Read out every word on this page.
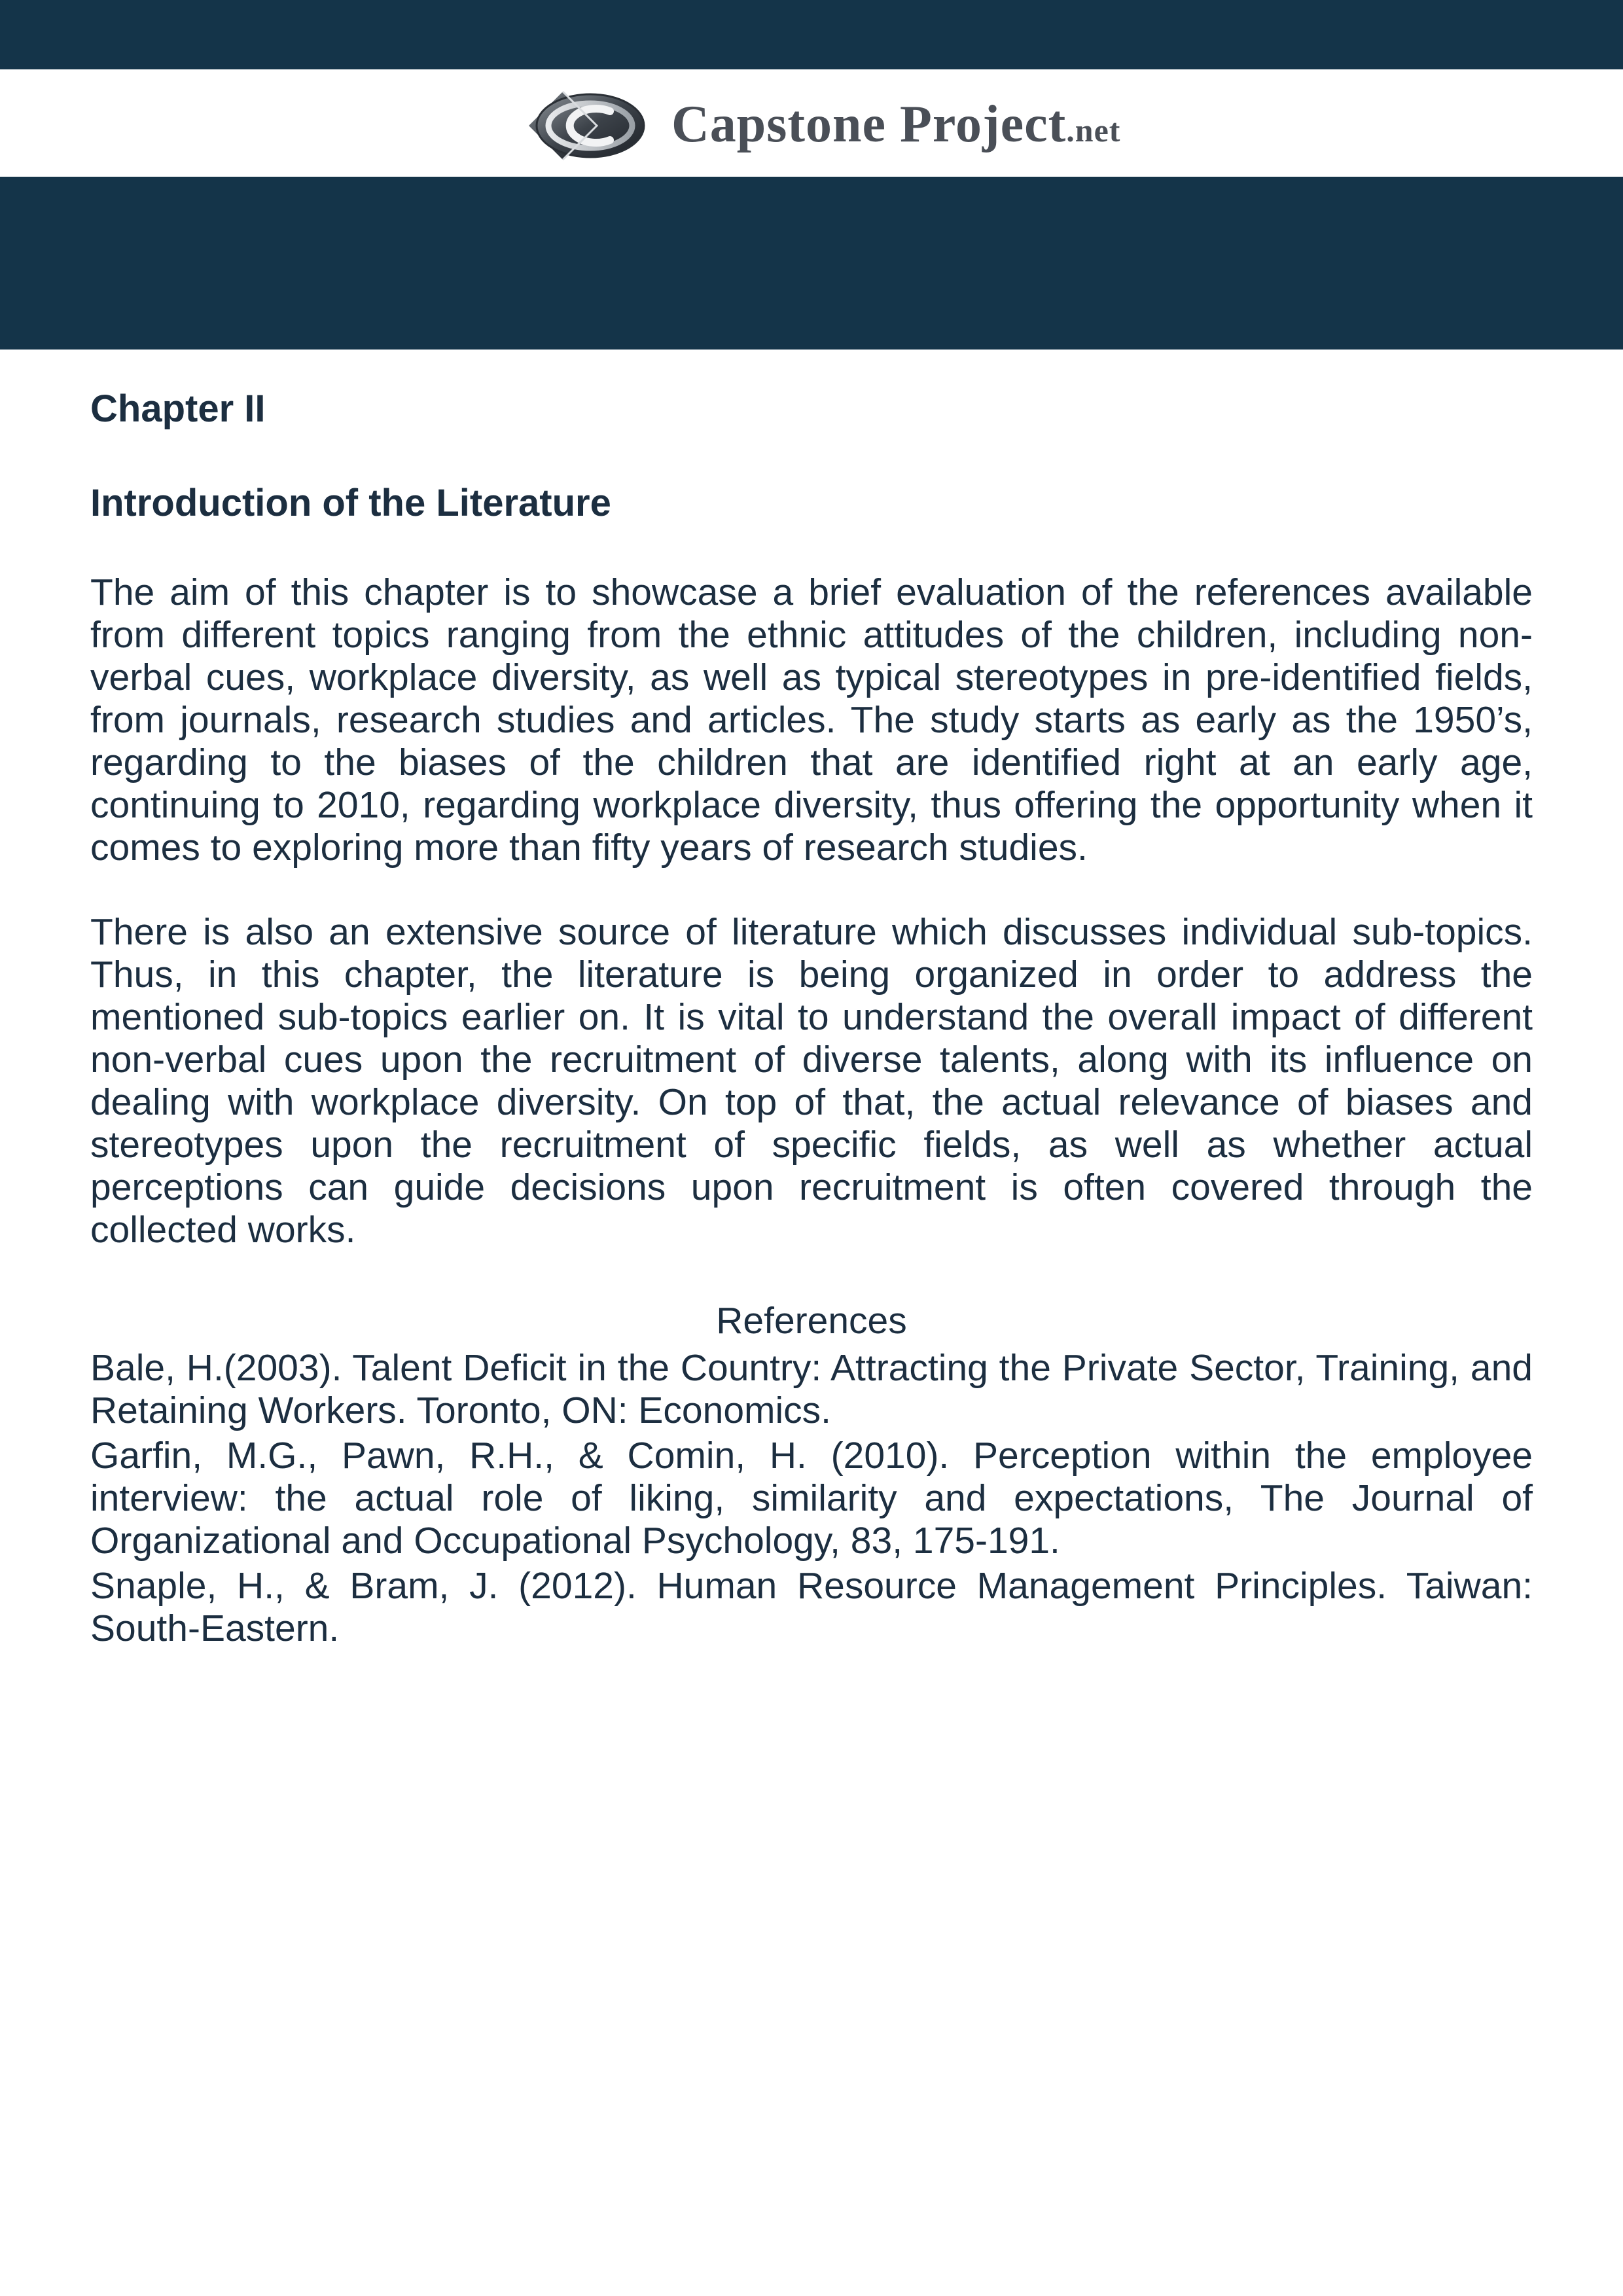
Capstone Project.net

Chapter II

Introduction of the Literature

The aim of this chapter is to showcase a brief evaluation of the references available from different topics ranging from the ethnic attitudes of the children, including non-verbal cues, workplace diversity, as well as typical stereotypes in pre-identified fields, from journals, research studies and articles. The study starts as early as the 1950’s, regarding to the biases of the children that are identified right at an early age, continuing to 2010, regarding workplace diversity, thus offering the opportunity when it comes to exploring more than fifty years of research studies.

There is also an extensive source of literature which discusses individual sub-topics. Thus, in this chapter, the literature is being organized in order to address the mentioned sub-topics earlier on. It is vital to understand the overall impact of different non-verbal cues upon the recruitment of diverse talents, along with its influence on dealing with workplace diversity. On top of that, the actual relevance of biases and stereotypes upon the recruitment of specific fields, as well as whether actual perceptions can guide decisions upon recruitment is often covered through the collected works.

References

Bale, H.(2003). Talent Deficit in the Country: Attracting the Private Sector, Training, and Retaining Workers. Toronto, ON: Economics.

Garfin, M.G., Pawn, R.H., & Comin, H. (2010). Perception within the employee interview: the actual role of liking, similarity and expectations, The Journal of Organizational and Occupational Psychology, 83, 175-191.

Snaple, H., & Bram, J. (2012). Human Resource Management Principles. Taiwan: South-Eastern.
